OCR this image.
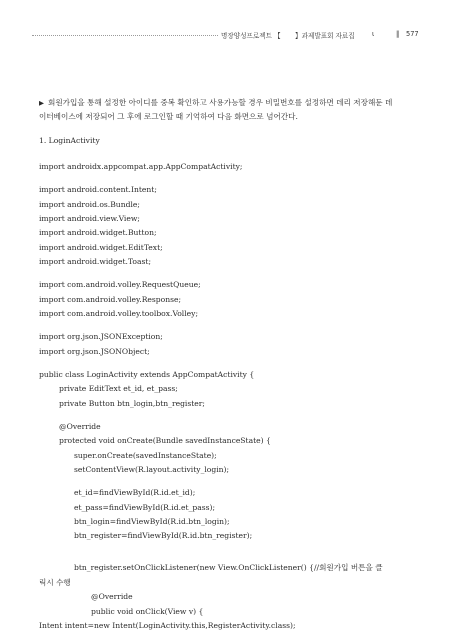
명장양성프로젝트 【 】과제발표회 자료집	ι	‖ 577

▶ 회원가입을 통해 설정한 아이디를 중복 확인하고 사용가능할 경우 비밀번호를 설정하면 데리 저장해둔 데이터베이스에 저장되어 그 후에 로그인할 때 기억하여 다음 화면으로 넘어간다.

1. LoginActivity
import androidx.appcompat.app.AppCompatActivity;
import android.content.Intent;
import android.os.Bundle;
import android.view.View;
import android.widget.Button;
import android.widget.EditText;
import android.widget.Toast;
import com.android.volley.RequestQueue;
import com.android.volley.Response;
import com.android.volley.toolbox.Volley;
import org.json.JSONException;
import org.json.JSONObject;
public class LoginActivity extends AppCompatActivity {
private EditText et_id, et_pass;
private Button btn_login,btn_register;
@Override
protected void onCreate(Bundle savedInstanceState) {
super.onCreate(savedInstanceState);
setContentView(R.layout.activity_login);
et_id=findViewById(R.id.et_id);
et_pass=findViewById(R.id.et_pass);
btn_login=findViewById(R.id.btn_login);
btn_register=findViewById(R.id.btn_register);
btn_register.setOnClickListener(new View.OnClickListener() {//회원가입 버튼을 클
릭시 수행
@Override
public void onClick(View v) {
Intent intent=new Intent(LoginActivity.this,RegisterActivity.class);
